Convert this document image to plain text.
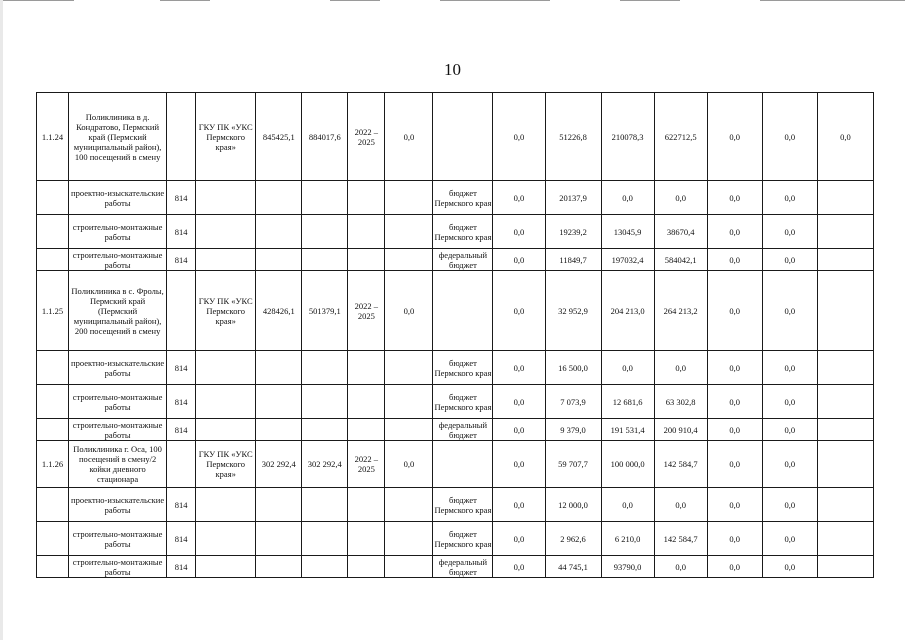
10
1.1.24	Поликлиника в д. Кондратово, Пермский край (Пермский муниципальный район), 100 посещений в смену		ГКУ ПК «УКС Пермского края»	845425,1	884017,6	2022 – 2025	0,0		0,0	51226,8	210078,3	622712,5	0,0	0,0	0,0
	проектно-изыскательские работы	814						бюджет Пермского края	0,0	20137,9	0,0	0,0	0,0	0,0	
	строительно-монтажные работы	814						бюджет Пермского края	0,0	19239,2	13045,9	38670,4	0,0	0,0	
	строительно-монтажные работы	814						федеральный бюджет	0,0	11849,7	197032,4	584042,1	0,0	0,0	
1.1.25	Поликлиника в с. Фролы, Пермский край (Пермский муниципальный район), 200 посещений в смену		ГКУ ПК «УКС Пермского края»	428426,1	501379,1	2022 – 2025	0,0		0,0	32 952,9	204 213,0	264 213,2	0,0	0,0	
	проектно-изыскательские работы	814						бюджет Пермского края	0,0	16 500,0	0,0	0,0	0,0	0,0	
	строительно-монтажные работы	814						бюджет Пермского края	0,0	7 073,9	12 681,6	63 302,8	0,0	0,0	
	строительно-монтажные работы	814						федеральный бюджет	0,0	9 379,0	191 531,4	200 910,4	0,0	0,0	
1.1.26	Поликлиника г. Оса, 100 посещений в смену/2 койки дневного стационара		ГКУ ПК «УКС Пермского края»	302 292,4	302 292,4	2022 – 2025	0,0		0,0	59 707,7	100 000,0	142 584,7	0,0	0,0	
	проектно-изыскательские работы	814						бюджет Пермского края	0,0	12 000,0	0,0	0,0	0,0	0,0	
	строительно-монтажные работы	814						бюджет Пермского края	0,0	2 962,6	6 210,0	142 584,7	0,0	0,0	
	строительно-монтажные работы	814						федеральный бюджет	0,0	44 745,1	93790,0	0,0	0,0	0,0	
